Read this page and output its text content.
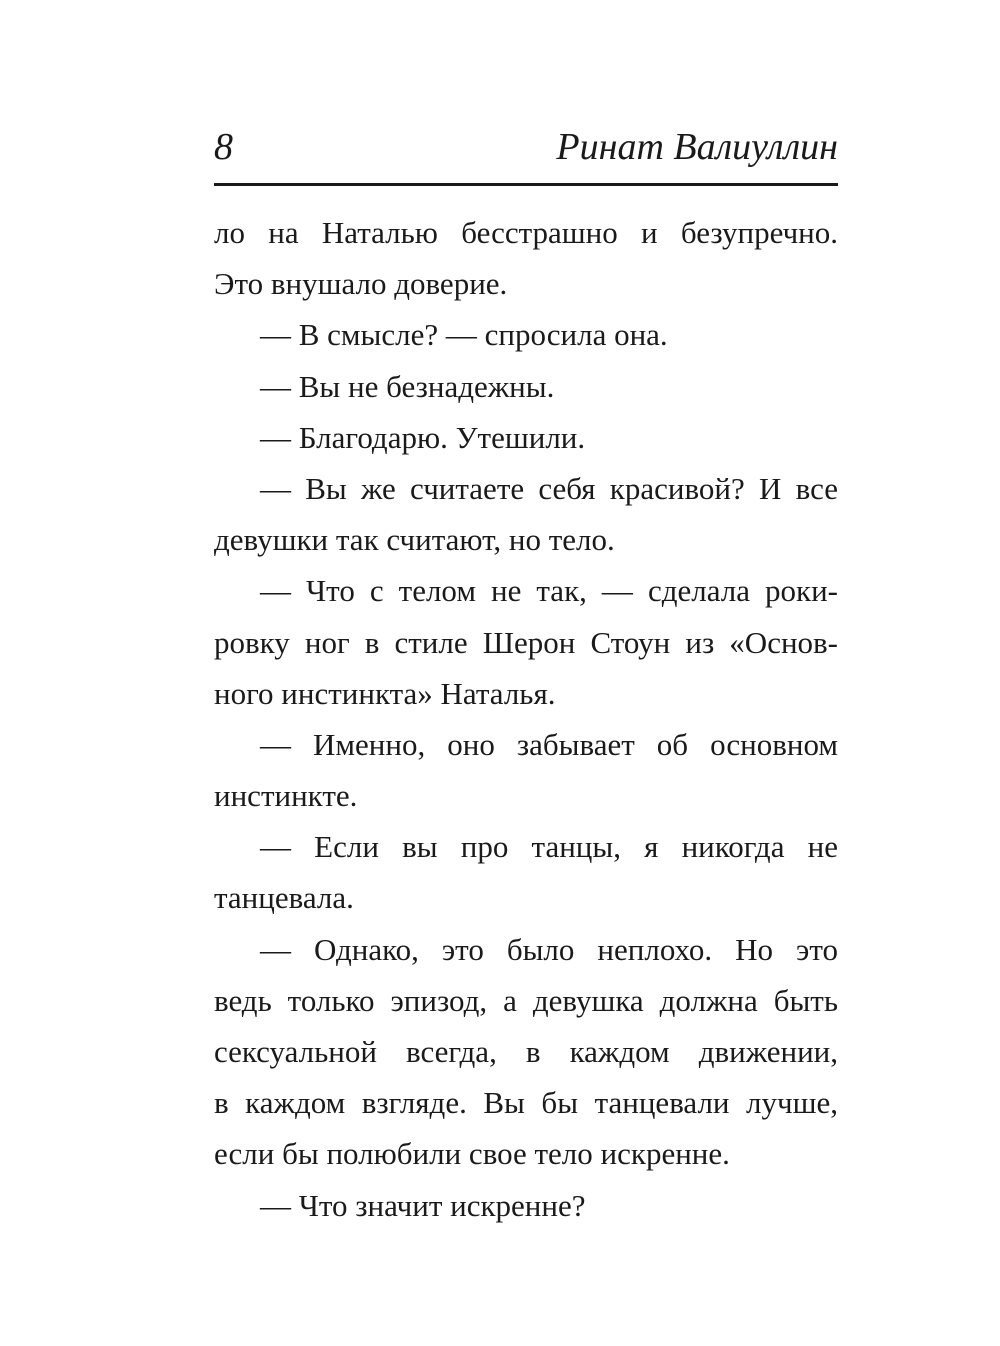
8	Ринат Валиуллин
ло на Наталью бесстрашно и безупречно.
Это внушало доверие.
— В смысле? — спросила она.
— Вы не безнадежны.
— Благодарю. Утешили.
— Вы же считаете себя красивой? И все
девушки так считают, но тело.
— Что с телом не так, — сделала роки-
ровку ног в стиле Шерон Стоун из «Основ-
ного инстинкта» Наталья.
— Именно, оно забывает об основном
инстинкте.
— Если вы про танцы, я никогда не
танцевала.
— Однако, это было неплохо. Но это
ведь только эпизод, а девушка должна быть
сексуальной всегда, в каждом движении,
в каждом взгляде. Вы бы танцевали лучше,
если бы полюбили свое тело искренне.
— Что значит искренне?
